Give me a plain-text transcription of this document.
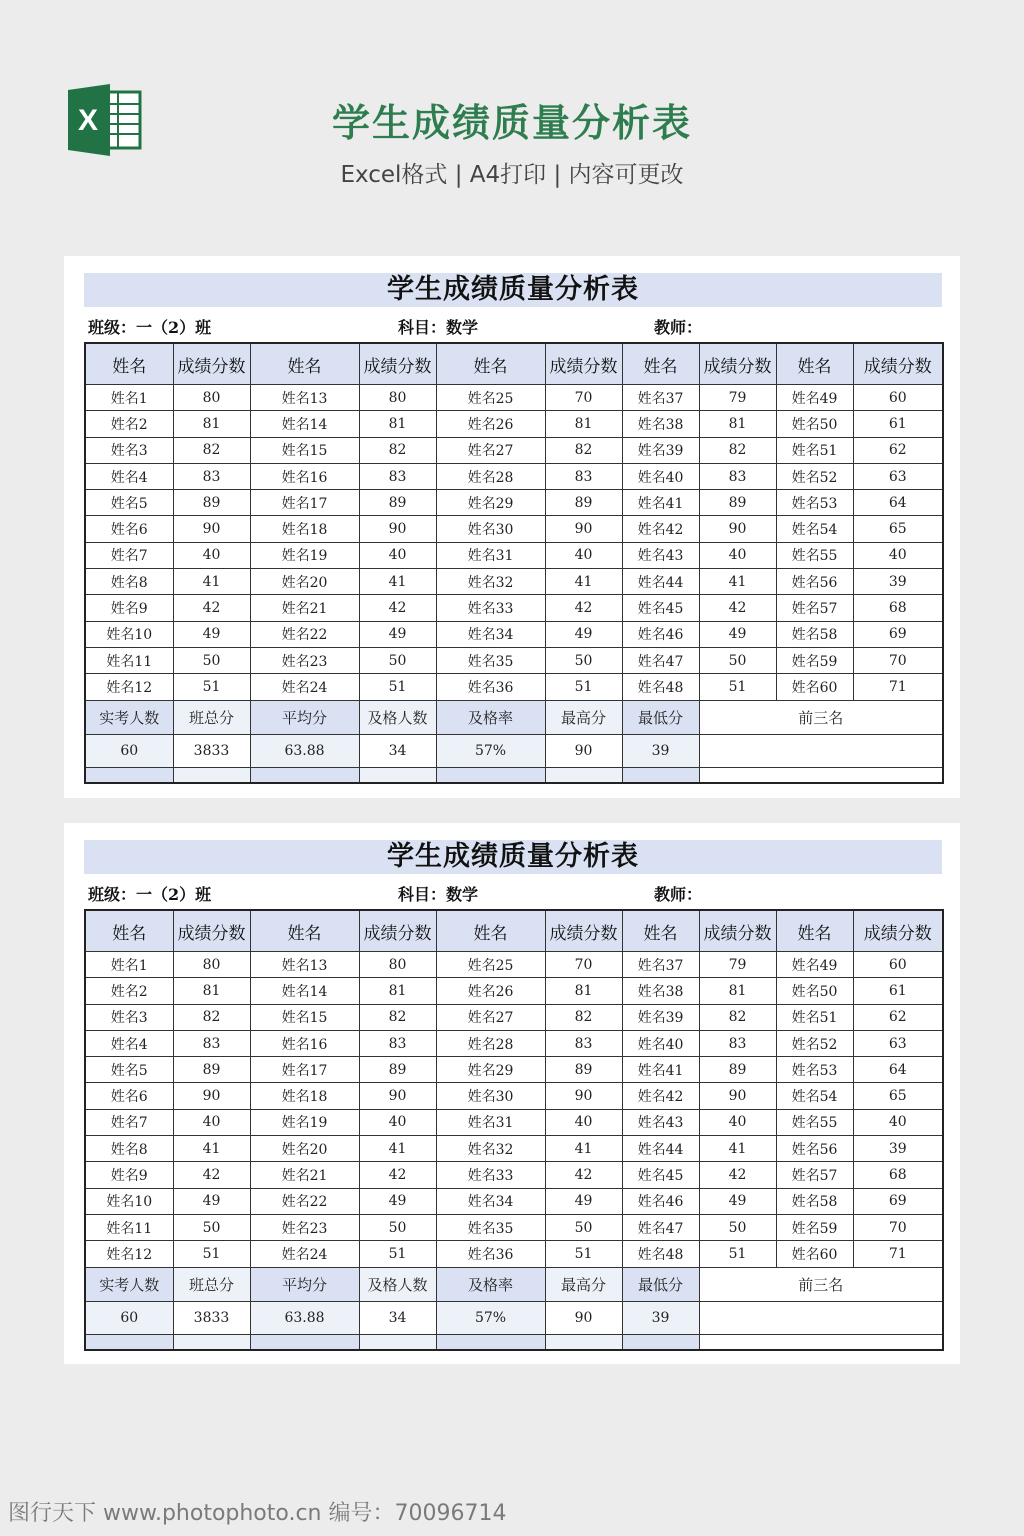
X	学生成绩质量分析表
Excel格式 | A4打印 | 内容可更改
学生成绩质量分析表
班级：一（2）班	科目：数学	教师：
姓名	成绩分数	姓名	成绩分数	姓名	成绩分数	姓名	成绩分数	姓名	成绩分数
姓名1	80	姓名13	80	姓名25	70	姓名37	79	姓名49	60
姓名2	81	姓名14	81	姓名26	81	姓名38	81	姓名50	61
姓名3	82	姓名15	82	姓名27	82	姓名39	82	姓名51	62
姓名4	83	姓名16	83	姓名28	83	姓名40	83	姓名52	63
姓名5	89	姓名17	89	姓名29	89	姓名41	89	姓名53	64
姓名6	90	姓名18	90	姓名30	90	姓名42	90	姓名54	65
姓名7	40	姓名19	40	姓名31	40	姓名43	40	姓名55	40
姓名8	41	姓名20	41	姓名32	41	姓名44	41	姓名56	39
姓名9	42	姓名21	42	姓名33	42	姓名45	42	姓名57	68
姓名10	49	姓名22	49	姓名34	49	姓名46	49	姓名58	69
姓名11	50	姓名23	50	姓名35	50	姓名47	50	姓名59	70
姓名12	51	姓名24	51	姓名36	51	姓名48	51	姓名60	71
实考人数	班总分	平均分	及格人数	及格率	最高分	最低分	前三名		
60	3833	63.88	34	57%	90	39			

学生成绩质量分析表
班级：一（2）班	科目：数学	教师：
姓名	成绩分数	姓名	成绩分数	姓名	成绩分数	姓名	成绩分数	姓名	成绩分数
姓名1	80	姓名13	80	姓名25	70	姓名37	79	姓名49	60
姓名2	81	姓名14	81	姓名26	81	姓名38	81	姓名50	61
姓名3	82	姓名15	82	姓名27	82	姓名39	82	姓名51	62
姓名4	83	姓名16	83	姓名28	83	姓名40	83	姓名52	63
姓名5	89	姓名17	89	姓名29	89	姓名41	89	姓名53	64
姓名6	90	姓名18	90	姓名30	90	姓名42	90	姓名54	65
姓名7	40	姓名19	40	姓名31	40	姓名43	40	姓名55	40
姓名8	41	姓名20	41	姓名32	41	姓名44	41	姓名56	39
姓名9	42	姓名21	42	姓名33	42	姓名45	42	姓名57	68
姓名10	49	姓名22	49	姓名34	49	姓名46	49	姓名58	69
姓名11	50	姓名23	50	姓名35	50	姓名47	50	姓名59	70
姓名12	51	姓名24	51	姓名36	51	姓名48	51	姓名60	71
实考人数	班总分	平均分	及格人数	及格率	最高分	最低分	前三名		
60	3833	63.88	34	57%	90	39			

图行天下 www.photophoto.cn 编号：70096714
